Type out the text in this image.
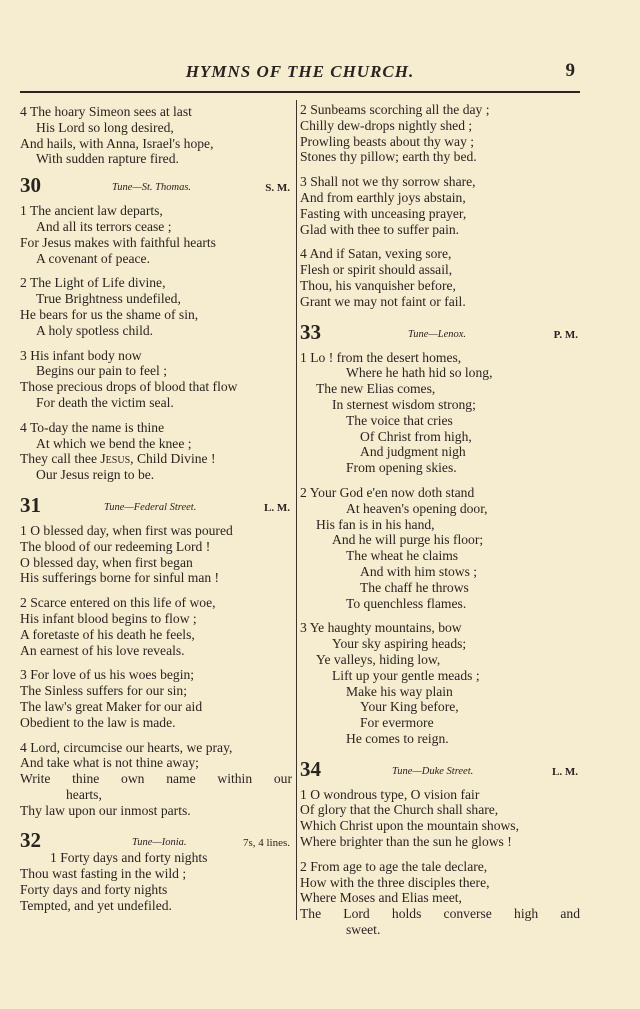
HYMNS OF THE CHURCH.	9
4 The hoary Simeon sees at last
His Lord so long desired,
And hails, with Anna, Israel's hope,
With sudden rapture fired.
30	Tune—St. Thomas.	S. M.
1 The ancient law departs,
And all its terrors cease ;
For Jesus makes with faithful hearts
A covenant of peace.
2 The Light of Life divine,
True Brightness undefiled,
He bears for us the shame of sin,
A holy spotless child.
3 His infant body now
Begins our pain to feel ;
Those precious drops of blood that flow
For death the victim seal.
4 To-day the name is thine
At which we bend the knee ;
They call thee Jesus, Child Divine !
Our Jesus reign to be.
31	Tune—Federal Street.	L. M.
1 O blessed day, when first was poured
The blood of our redeeming Lord !
O blessed day, when first began
His sufferings borne for sinful man !
2 Scarce entered on this life of woe,
His infant blood begins to flow ;
A foretaste of his death he feels,
An earnest of his love reveals.
3 For love of us his woes begin;
The Sinless suffers for our sin;
The law's great Maker for our aid
Obedient to the law is made.
4 Lord, circumcise our hearts, we pray,
And take what is not thine away;
Write thine own name within our
hearts,
Thy law upon our inmost parts.
32	Tune—Ionia.	7s, 4 lines.
1 Forty days and forty nights
Thou wast fasting in the wild ;
Forty days and forty nights
Tempted, and yet undefiled.
2 Sunbeams scorching all the day ;
Chilly dew-drops nightly shed ;
Prowling beasts about thy way ;
Stones thy pillow; earth thy bed.
3 Shall not we thy sorrow share,
And from earthly joys abstain,
Fasting with unceasing prayer,
Glad with thee to suffer pain.
4 And if Satan, vexing sore,
Flesh or spirit should assail,
Thou, his vanquisher before,
Grant we may not faint or fail.
33	Tune—Lenox.	P. M.
1 Lo ! from the desert homes,
Where he hath hid so long,
The new Elias comes,
In sternest wisdom strong;
The voice that cries
Of Christ from high,
And judgment nigh
From opening skies.
2 Your God e'en now doth stand
At heaven's opening door,
His fan is in his hand,
And he will purge his floor;
The wheat he claims
And with him stows ;
The chaff he throws
To quenchless flames.
3 Ye haughty mountains, bow
Your sky aspiring heads;
Ye valleys, hiding low,
Lift up your gentle meads ;
Make his way plain
Your King before,
For evermore
He comes to reign.
34	Tune—Duke Street.	L. M.
1 O wondrous type, O vision fair
Of glory that the Church shall share,
Which Christ upon the mountain shows,
Where brighter than the sun he glows !
2 From age to age the tale declare,
How with the three disciples there,
Where Moses and Elias meet,
The Lord holds converse high and
sweet.
